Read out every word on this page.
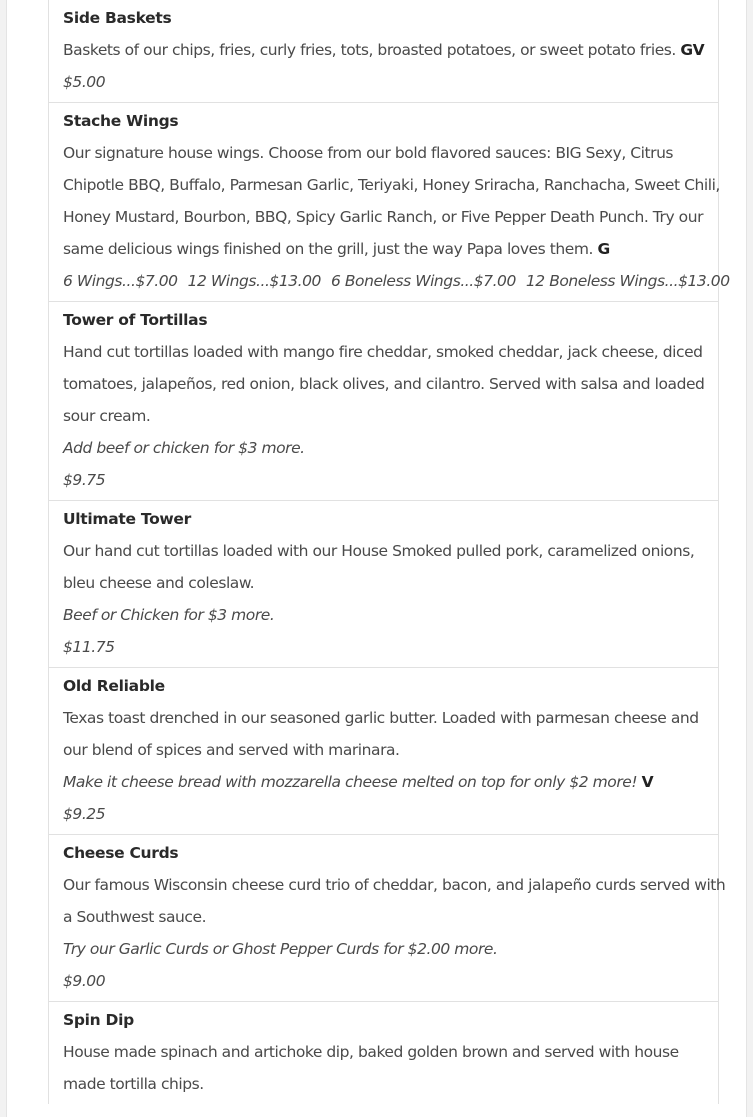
Side Baskets
Baskets of our chips, fries, curly fries, tots, broasted potatoes, or sweet potato fries. GV
$5.00
Stache Wings
Our signature house wings. Choose from our bold flavored sauces: BIG Sexy, Citrus
Chipotle BBQ, Buffalo, Parmesan Garlic, Teriyaki, Honey Sriracha, Ranchacha, Sweet Chili,
Honey Mustard, Bourbon, BBQ, Spicy Garlic Ranch, or Five Pepper Death Punch. Try our
same delicious wings finished on the grill, just the way Papa loves them. G
6 Wings...$7.00 12 Wings...$13.00 6 Boneless Wings...$7.00 12 Boneless Wings...$13.00
Tower of Tortillas
Hand cut tortillas loaded with mango fire cheddar, smoked cheddar, jack cheese, diced
tomatoes, jalapeños, red onion, black olives, and cilantro. Served with salsa and loaded
sour cream.
Add beef or chicken for $3 more.
$9.75
Ultimate Tower
Our hand cut tortillas loaded with our House Smoked pulled pork, caramelized onions,
bleu cheese and coleslaw.
Beef or Chicken for $3 more.
$11.75
Old Reliable
Texas toast drenched in our seasoned garlic butter. Loaded with parmesan cheese and
our blend of spices and served with marinara.
Make it cheese bread with mozzarella cheese melted on top for only $2 more! V
$9.25
Cheese Curds
Our famous Wisconsin cheese curd trio of cheddar, bacon, and jalapeño curds served with
a Southwest sauce.
Try our Garlic Curds or Ghost Pepper Curds for $2.00 more.
$9.00
Spin Dip
House made spinach and artichoke dip, baked golden brown and served with house
made tortilla chips.
